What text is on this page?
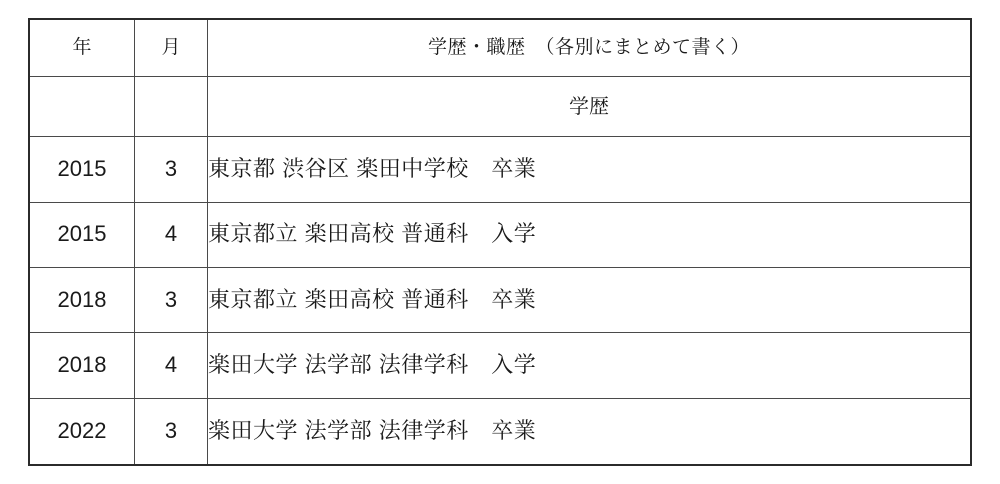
年	月	学歴・職歴　（各別にまとめて書く）
		学歴
2015	3	東京都 渋谷区 楽田中学校　卒業
2015	4	東京都立 楽田高校 普通科　入学
2018	3	東京都立 楽田高校 普通科　卒業
2018	4	楽田大学 法学部 法律学科　入学
2022	3	楽田大学 法学部 法律学科　卒業
